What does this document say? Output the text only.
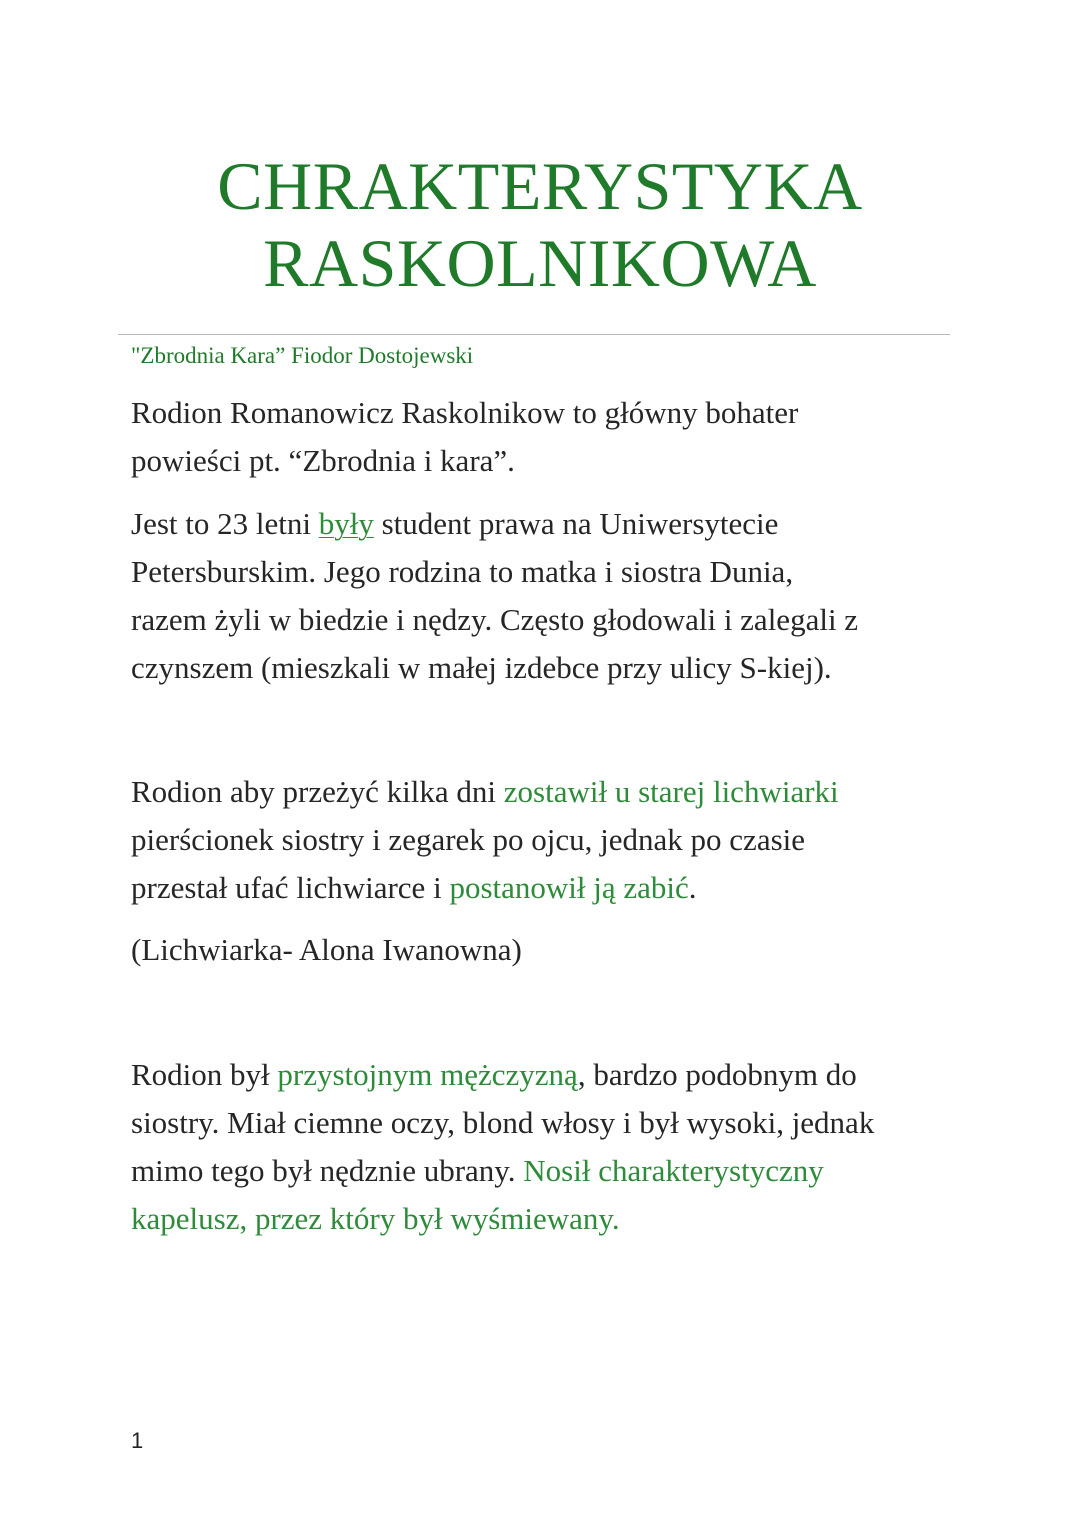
CHRAKTERYSTYKA
RASKOLNIKOWA

"Zbrodnia Kara” Fiodor Dostojewski

Rodion Romanowicz Raskolnikow to główny bohater
powieści pt. “Zbrodnia i kara”.

Jest to 23 letni były student prawa na Uniwersytecie
Petersburskim. Jego rodzina to matka i siostra Dunia,
razem żyli w biedzie i nędzy. Często głodowali i zalegali z
czynszem (mieszkali w małej izdebce przy ulicy S-kiej).

Rodion aby przeżyć kilka dni zostawił u starej lichwiarki
pierścionek siostry i zegarek po ojcu, jednak po czasie
przestał ufać lichwiarce i postanowił ją zabić.

(Lichwiarka- Alona Iwanowna)

Rodion był przystojnym mężczyzną, bardzo podobnym do
siostry. Miał ciemne oczy, blond włosy i był wysoki, jednak
mimo tego był nędznie ubrany. Nosił charakterystyczny
kapelusz, przez który był wyśmiewany.

1
